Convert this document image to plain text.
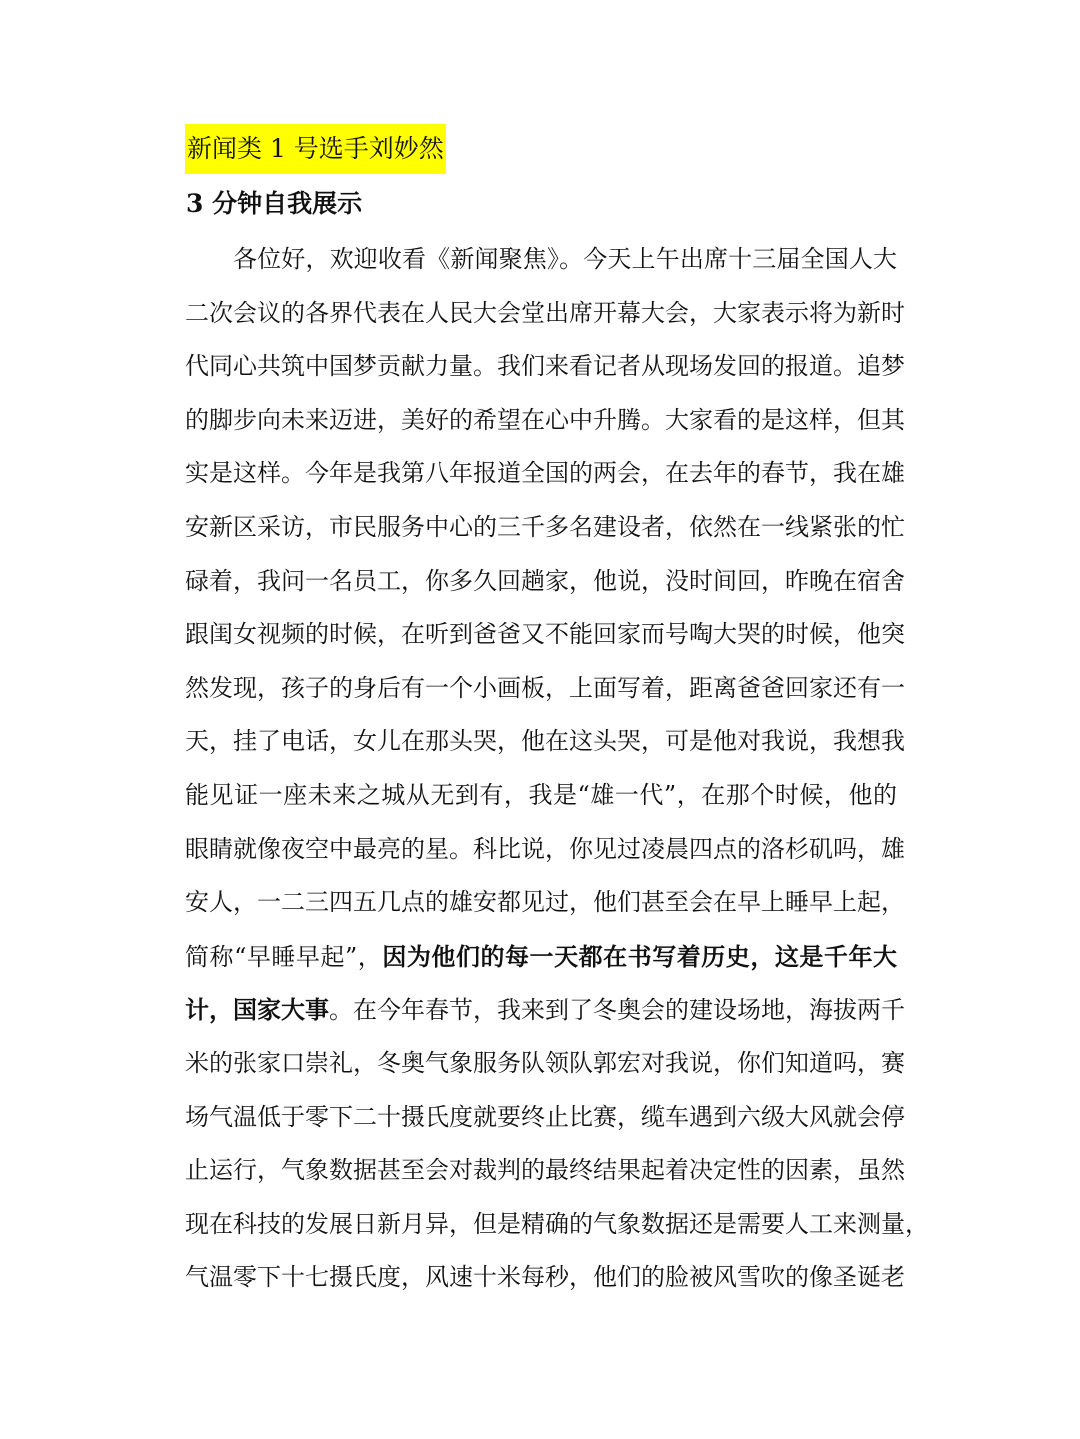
新闻类 1 号选手刘妙然
3 分钟自我展示
各位好，欢迎收看《新闻聚焦》。今天上午出席十三届全国人大
二次会议的各界代表在人民大会堂出席开幕大会，大家表示将为新时
代同心共筑中国梦贡献力量。我们来看记者从现场发回的报道。追梦
的脚步向未来迈进，美好的希望在心中升腾。大家看的是这样，但其
实是这样。今年是我第八年报道全国的两会，在去年的春节，我在雄
安新区采访，市民服务中心的三千多名建设者，依然在一线紧张的忙
碌着，我问一名员工，你多久回趟家，他说，没时间回，昨晚在宿舍
跟闺女视频的时候，在听到爸爸又不能回家而号啕大哭的时候，他突
然发现，孩子的身后有一个小画板，上面写着，距离爸爸回家还有一
天，挂了电话，女儿在那头哭，他在这头哭，可是他对我说，我想我
能见证一座未来之城从无到有，我是“雄一代”，在那个时候，他的
眼睛就像夜空中最亮的星。科比说，你见过凌晨四点的洛杉矶吗，雄
安人，一二三四五几点的雄安都见过，他们甚至会在早上睡早上起，
简称“早睡早起”，因为他们的每一天都在书写着历史，这是千年大
计，国家大事。在今年春节，我来到了冬奥会的建设场地，海拔两千
米的张家口崇礼，冬奥气象服务队领队郭宏对我说，你们知道吗，赛
场气温低于零下二十摄氏度就要终止比赛，缆车遇到六级大风就会停
止运行，气象数据甚至会对裁判的最终结果起着决定性的因素，虽然
现在科技的发展日新月异，但是精确的气象数据还是需要人工来测量，
气温零下十七摄氏度，风速十米每秒，他们的脸被风雪吹的像圣诞老
